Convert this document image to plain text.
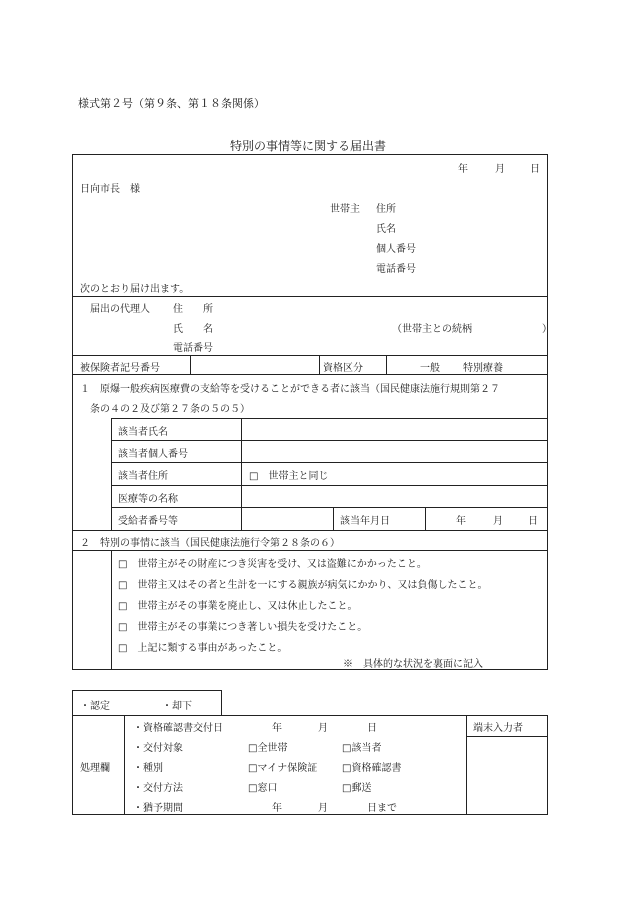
様式第２号（第９条、第１８条関係）
特別の事情等に関する届出書
年	月	日
日向市長　様
世帯主 住所
氏名
個人番号
電話番号
次のとおり届け出ます。
届出の代理人 住　　所
氏　　名	（世帯主との続柄　　　　　　　）
電話番号
被保険者記号番号	資格区分	一般 特別療養
１　原爆一般疾病医療費の支給等を受けることができる者に該当（国民健康法施行規則第２７
条の４の２及び第２７条の５の５）
該当者氏名
該当者個人番号
該当者住所	□　世帯主と同じ
医療等の名称
受給者番号等	該当年月日	年	月	日
２　特別の事情に該当（国民健康法施行令第２８条の６）
□　世帯主がその財産につき災害を受け、又は盗難にかかったこと。
□　世帯主又はその者と生計を一にする親族が病気にかかり、又は負傷したこと。
□　世帯主がその事業を廃止し、又は休止したこと。
□　世帯主がその事業につき著しい損失を受けたこと。
□　上記に類する事由があったこと。
※　具体的な状況を裏面に記入
・認定	・却下
処理欄
端末入力者
・資格確認書交付日	年	月	日
・交付対象	□全世帯	□該当者
・種別	□マイナ保険証 □資格確認書
・交付方法	□窓口	□郵送
・猶予期間	年	月	日まで
